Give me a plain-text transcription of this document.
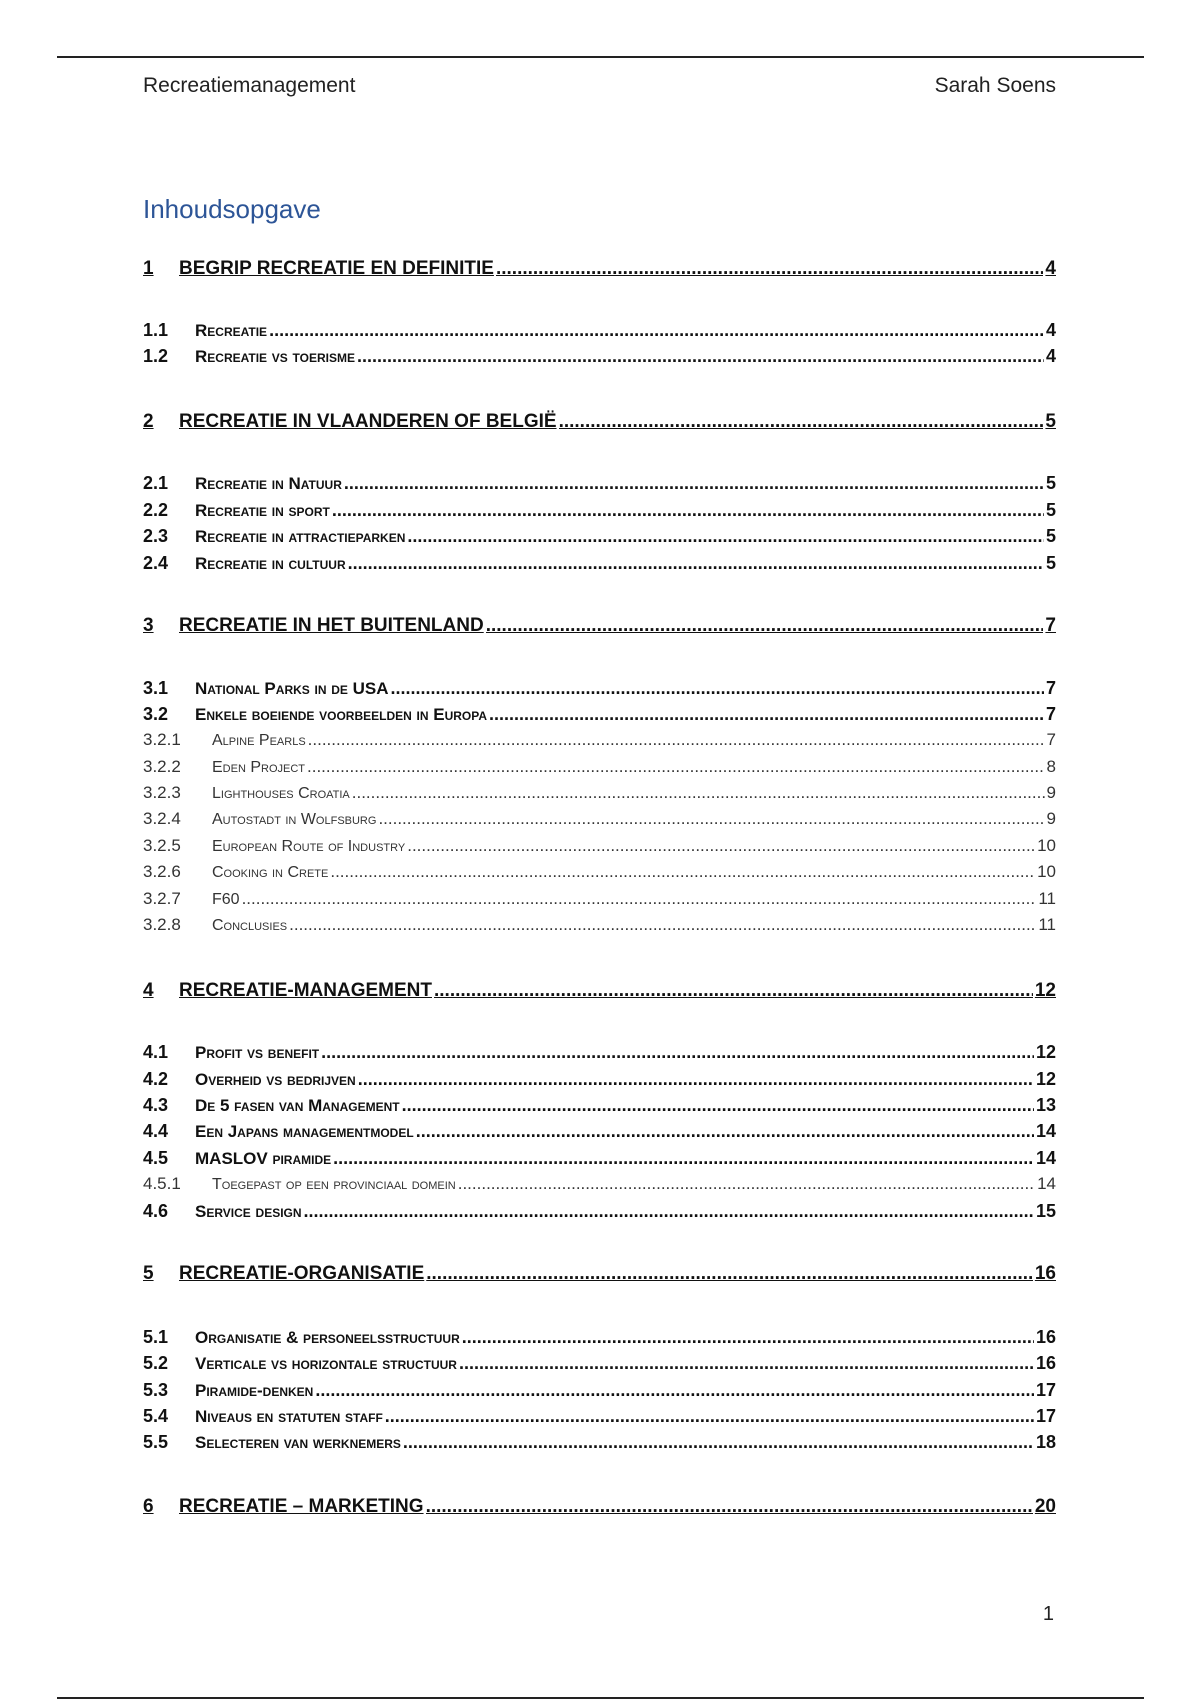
Recreatiemanagement	Sarah Soens
Inhoudsopgave
1	BEGRIP RECREATIE EN DEFINITIE .....	4
1.1	Recreatie .....	4
1.2	Recreatie vs toerisme .....	4
2	RECREATIE IN VLAANDEREN OF BELGIË .....	5
2.1	Recreatie in Natuur .....	5
2.2	Recreatie in sport .....	5
2.3	Recreatie in attractieparken .....	5
2.4	Recreatie in cultuur .....	5
3	RECREATIE IN HET BUITENLAND .....	7
3.1	National Parks in de USA .....	7
3.2	Enkele boeiende voorbeelden in Europa .....	7
3.2.1	Alpine Pearls .....	7
3.2.2	Eden Project .....	8
3.2.3	Lighthouses Croatia .....	9
3.2.4	Autostadt in Wolfsburg .....	9
3.2.5	European Route of Industry .....	10
3.2.6	Cooking in Crete .....	10
3.2.7	F60 .....	11
3.2.8	Conclusies .....	11
4	RECREATIE-MANAGEMENT .....	12
4.1	Profit vs benefit .....	12
4.2	Overheid vs bedrijven .....	12
4.3	De 5 fasen van Management .....	13
4.4	Een Japans managementmodel .....	14
4.5	MASLOV piramide .....	14
4.5.1	Toegepast op een provinciaal domein .....	14
4.6	Service design .....	15
5	RECREATIE-ORGANISATIE .....	16
5.1	Organisatie & personeelsstructuur .....	16
5.2	Verticale vs horizontale structuur .....	16
5.3	Piramide-denken .....	17
5.4	Niveaus en statuten staff .....	17
5.5	Selecteren van werknemers .....	18
6	RECREATIE – MARKETING .....	20
1
